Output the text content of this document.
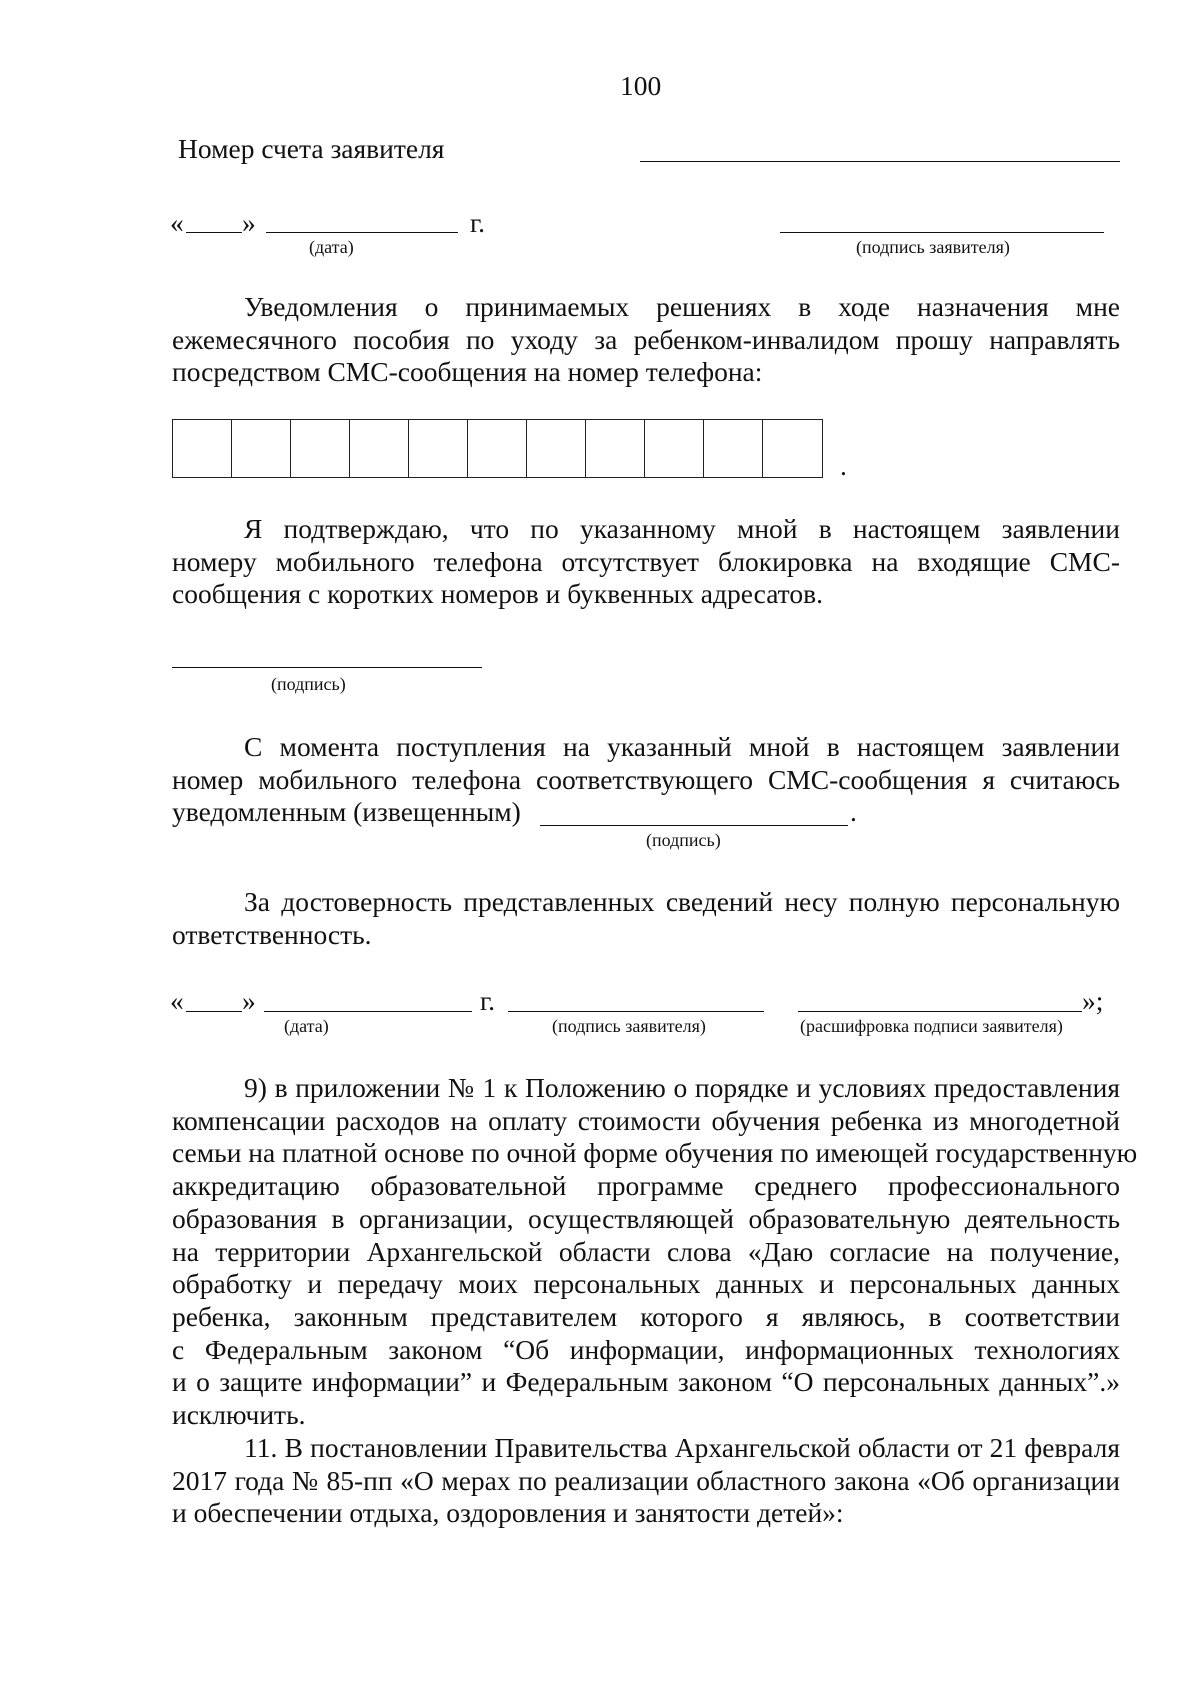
100
Номер счета заявителя
« »	г.
(дата)	(подпись заявителя)
Уведомления о принимаемых решениях в ходе назначения мне
ежемесячного пособия по уходу за ребенком-инвалидом прошу направлять
посредством СМС-сообщения на номер телефона:
.
Я подтверждаю, что по указанному мной в настоящем заявлении
номеру мобильного телефона отсутствует блокировка на входящие СМС-
сообщения с коротких номеров и буквенных адресатов.
(подпись)
С момента поступления на указанный мной в настоящем заявлении
номер мобильного телефона соответствующего СМС-сообщения я считаюсь
уведомленным (извещенным)	.
(подпись)
За достоверность представленных сведений несу полную персональную
ответственность.
« »	г.	»;
(дата)	(подпись заявителя)	(расшифровка подписи заявителя)
9) в приложении № 1 к Положению о порядке и условиях предоставления
компенсации расходов на оплату стоимости обучения ребенка из многодетной
семьи на платной основе по очной форме обучения по имеющей государственную
аккредитацию образовательной программе среднего профессионального
образования в организации, осуществляющей образовательную деятельность
на территории Архангельской области слова «Даю согласие на получение,
обработку и передачу моих персональных данных и персональных данных
ребенка, законным представителем которого я являюсь, в соответствии
с Федеральным законом “Об информации, информационных технологиях
и о защите информации” и Федеральным законом “О персональных данных”.»
исключить.
11. В постановлении Правительства Архангельской области от 21 февраля
2017 года № 85-пп «О мерах по реализации областного закона «Об организации
и обеспечении отдыха, оздоровления и занятости детей»:
